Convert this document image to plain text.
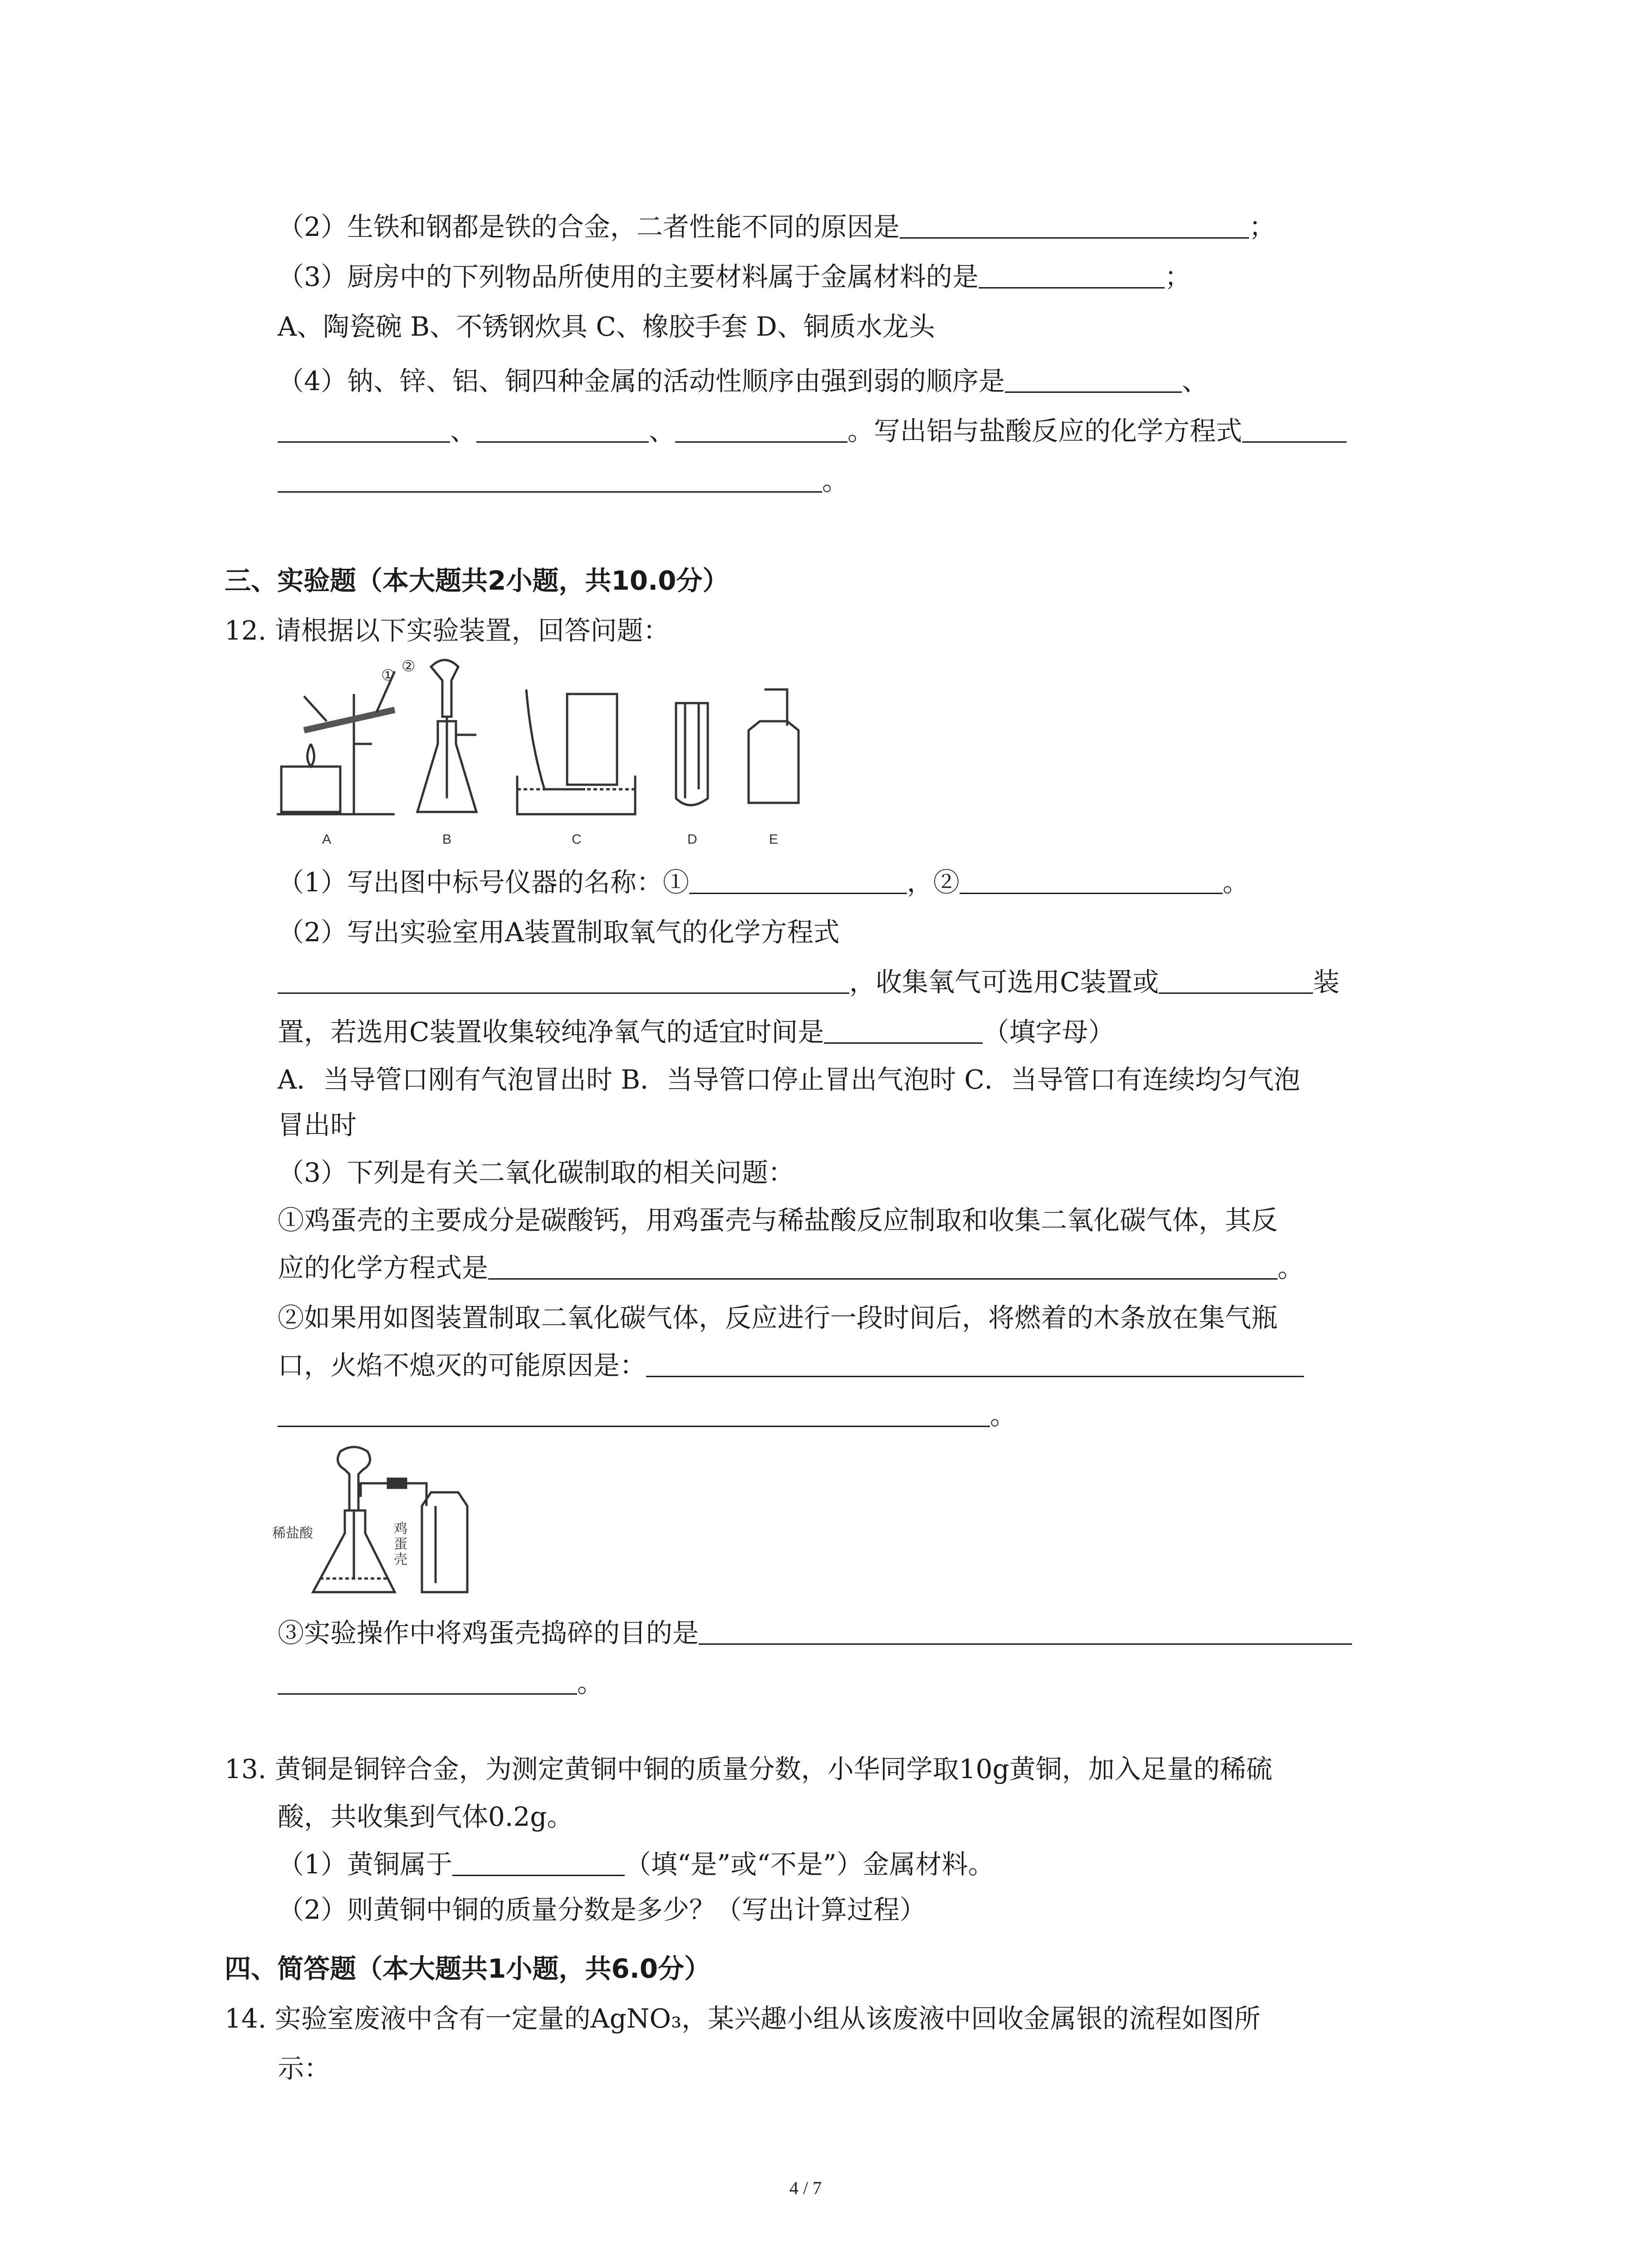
（2）生铁和钢都是铁的合金，二者性能不同的原因是	；
（3）厨房中的下列物品所使用的主要材料属于金属材料的是	；
A、陶瓷碗 B、不锈钢炊具 C、橡胶手套 D、铜质水龙头
（4）钠、锌、铝、铜四种金属的活动性顺序由强到弱的顺序是	、
、	、	。写出铝与盐酸反应的化学方程式
。
三、实验题（本大题共2小题，共10.0分）
12. 请根据以下实验装置，回答问题：
①
②
A	B	C	D	E
（1）写出图中标号仪器的名称：①	，②	。
（2）写出实验室用A装置制取氧气的化学方程式
，收集氧气可选用C装置或	装
置，若选用C装置收集较纯净氧气的适宜时间是	（填字母）
A．当导管口刚有气泡冒出时 B．当导管口停止冒出气泡时 C．当导管口有连续均匀气泡
冒出时
（3）下列是有关二氧化碳制取的相关问题：
①鸡蛋壳的主要成分是碳酸钙，用鸡蛋壳与稀盐酸反应制取和收集二氧化碳气体，其反
应的化学方程式是	。
②如果用如图装置制取二氧化碳气体，反应进行一段时间后，将燃着的木条放在集气瓶
口，火焰不熄灭的可能原因是：
。
稀盐酸	鸡蛋壳
③实验操作中将鸡蛋壳捣碎的目的是
。
13. 黄铜是铜锌合金，为测定黄铜中铜的质量分数，小华同学取10g黄铜，加入足量的稀硫
酸，共收集到气体0.2g。
（1）黄铜属于	（填“是”或“不是”）金属材料。
（2）则黄铜中铜的质量分数是多少？（写出计算过程）
四、简答题（本大题共1小题，共6.0分）
14. 实验室废液中含有一定量的AgNO₃，某兴趣小组从该废液中回收金属银的流程如图所
示：
4 / 7
